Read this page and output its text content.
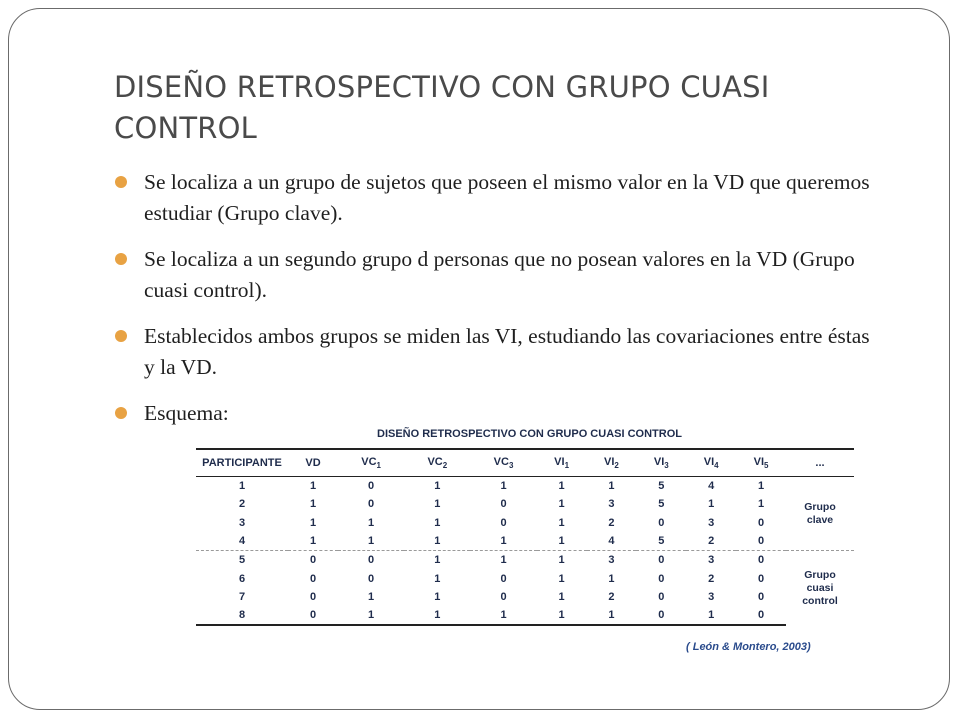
DISEÑO RETROSPECTIVO CON GRUPO CUASI CONTROL
Se localiza a un grupo de sujetos que poseen el mismo valor en la VD que queremos estudiar (Grupo clave).
Se localiza a un segundo grupo d personas que no posean valores en la VD (Grupo cuasi control).
Establecidos ambos grupos se miden las VI, estudiando las covariaciones entre éstas y la VD.
Esquema:
DISEÑO RETROSPECTIVO CON GRUPO CUASI CONTROL
PARTICIPANTE	VD	$VC_1$	$VC_2$	$VC_3$	$VI_1$	$VI_2$	$VI_3$	$VI_4$	$VI_5$	...
1	1	0	1	1	1	1	5	4	1	Grupo clave
2	1	0	1	0	1	3	5	1	1	
3	1	1	1	0	1	2	0	3	0	
4	1	1	1	1	1	4	5	2	0	
5	0	0	1	1	1	3	0	3	0	Grupo cuasi control
6	0	0	1	0	1	1	0	2	0	
7	0	1	1	0	1	2	0	3	0	
8	0	1	1	1	1	1	0	1	0	
( León & Montero, 2003)
